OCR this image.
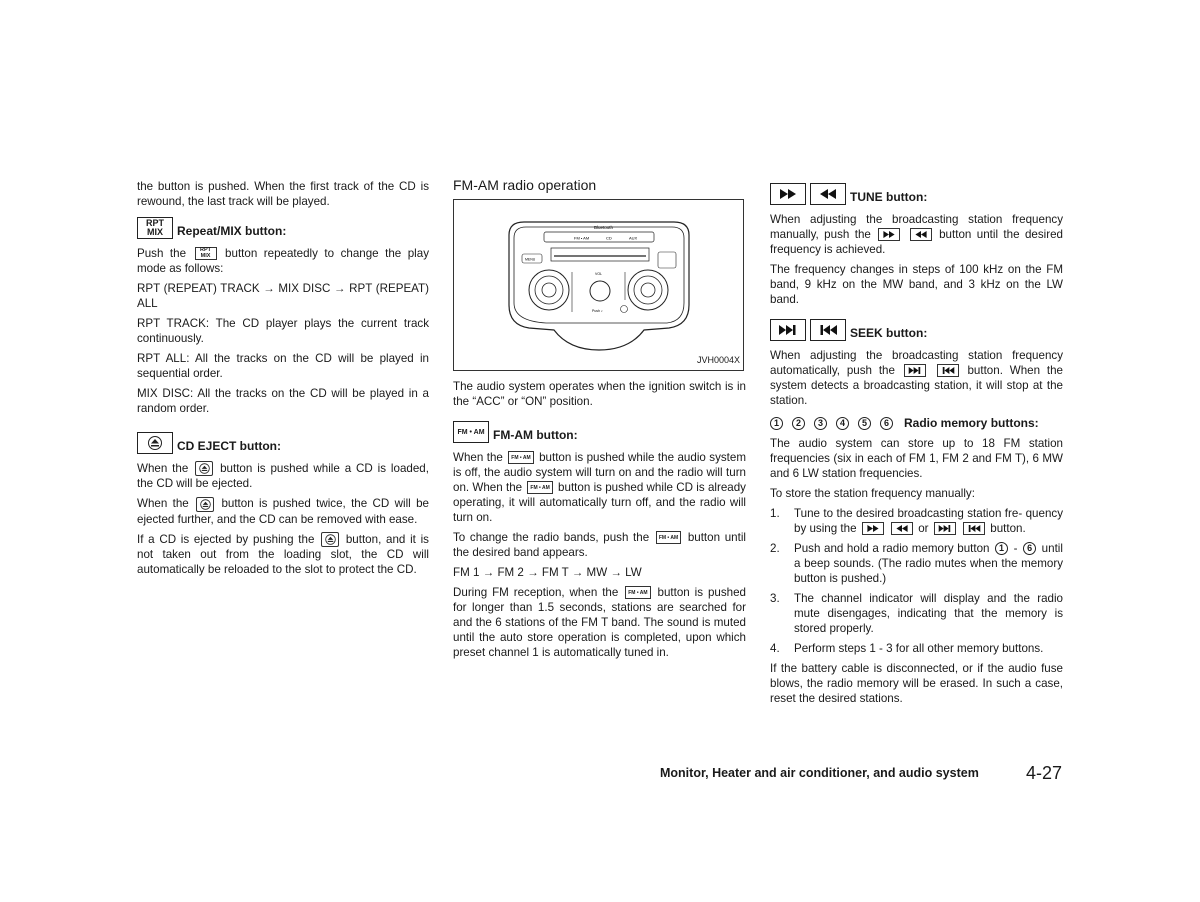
the button is pushed. When the first track of the CD is rewound, the last track will be played.

RPT
MIX Repeat/MIX button:

Push the	RPT
MIX button repeatedly to change the play mode as follows:

RPT (REPEAT) TRACK → MIX DISC → RPT (REPEAT) ALL

RPT TRACK: The CD player plays the current track continuously.

RPT ALL: All the tracks on the CD will be played in sequential order.

MIX DISC: All the tracks on the CD will be played in a random order.

CD EJECT button:

When the	button is pushed while a CD is loaded, the CD will be ejected.

When the	button is pushed twice, the CD will be ejected further, and the CD can be removed with ease.

If a CD is ejected by pushing the	button, and it is not taken out from the loading slot, the CD will automatically be reloaded to the slot to protect the CD.

FM-AM radio operation
Bluetooth
FM • AM	CD	AUX
MENU
VOL
Push ♪
JVH0004X

The audio system operates when the ignition switch is in the “ACC” or “ON” position.

FM • AM FM-AM button:

When the FM • AM button is pushed while the audio system is off, the audio system will turn on and the radio will turn on. When the FM • AM button is pushed while CD is already operating, it will automatically turn off, and the radio will turn on.

To change the radio bands, push the FM • AM button until the desired band appears.

FM 1 → FM 2 → FM T → MW → LW

During FM reception, when the FM • AM button is pushed for longer than 1.5 seconds, stations are searched for and the 6 stations of the FM T band. The sound is muted until the auto store operation is completed, upon which preset channel 1 is automatically tuned in.

TUNE button:

When adjusting the broadcasting station frequency manually, push the
	button until the desired frequency is achieved.

The frequency changes in steps of 100 kHz on the FM band, 9 kHz on the MW band, and 3 kHz on the LW band.

SEEK button:

When adjusting the broadcasting station frequency automatically, push the
	button. When the system detects a broadcasting station, it will stop at the station.

1	2	3	4	5	6	Radio memory buttons:

The audio system can store up to 18 FM station frequencies (six in each of FM 1, FM 2 and FM T), 6 MW and 6 LW station frequencies.

To store the station frequency manually:

1.	Tune to the desired broadcasting station fre- quency by using the
	or
	button.
2.	Push and hold a radio memory button 1 - 6 until a beep sounds. (The radio mutes when the memory button is pushed.)
3.	The channel indicator will display and the radio mute disengages, indicating that the memory is stored properly.
4.	Perform steps 1 - 3 for all other memory buttons.

If the battery cable is disconnected, or if the audio fuse blows, the radio memory will be erased. In such a case, reset the desired stations.

Monitor, Heater and air conditioner, and audio system	4-27
